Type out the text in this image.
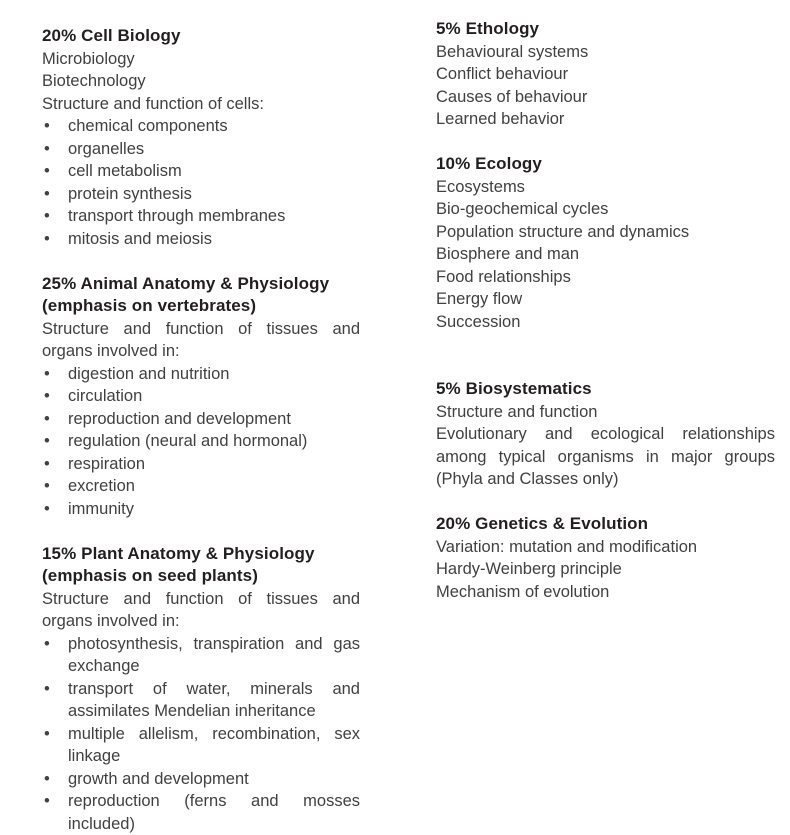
20% Cell Biology
Microbiology
Biotechnology
Structure and function of cells:
•	chemical components
•	organelles
•	cell metabolism
•	protein synthesis
•	transport through membranes
•	mitosis and meiosis
25% Animal Anatomy & Physiology
(emphasis on vertebrates)
Structure and function of tissues and
organs involved in:
•	digestion and nutrition
•	circulation
•	reproduction and development
•	regulation (neural and hormonal)
•	respiration
•	excretion
•	immunity
15% Plant Anatomy & Physiology
(emphasis on seed plants)
Structure and function of tissues and
organs involved in:
•	photosynthesis, transpiration and gas
exchange
•	transport of water, minerals and
assimilates Mendelian inheritance
•	multiple allelism, recombination, sex
linkage
•	growth and development
•	reproduction (ferns and mosses
included)
5% Ethology
Behavioural systems
Conflict behaviour
Causes of behaviour
Learned behavior
10% Ecology
Ecosystems
Bio-geochemical cycles
Population structure and dynamics
Biosphere and man
Food relationships
Energy flow
Succession
5% Biosystematics
Structure and function
Evolutionary and ecological relationships
among typical organisms in major groups
(Phyla and Classes only)
20% Genetics & Evolution
Variation: mutation and modification
Hardy-Weinberg principle
Mechanism of evolution
